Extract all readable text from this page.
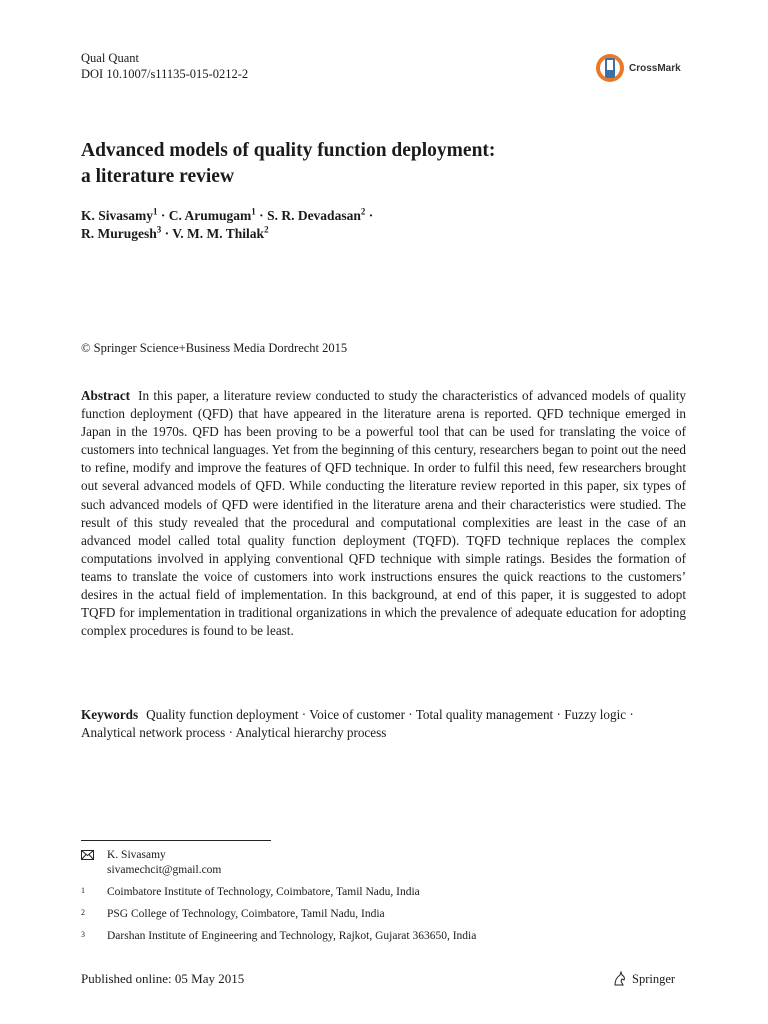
Qual Quant
DOI 10.1007/s11135-015-0212-2	CrossMark
Advanced models of quality function deployment:
a literature review
K. Sivasamy$^1$ · C. Arumugam$^1$ · S. R. Devadasan$^2$ ·
R. Murugesh$^3$ · V. M. M. Thilak$^2$
© Springer Science+Business Media Dordrecht 2015
Abstract In this paper, a literature review conducted to study the characteristics of advanced models of quality function deployment (QFD) that have appeared in the literature arena is reported. QFD technique emerged in Japan in the 1970s. QFD has been proving to be a powerful tool that can be used for translating the voice of customers into technical languages. Yet from the beginning of this century, researchers began to point out the need to refine, modify and improve the features of QFD technique. In order to fulfil this need, few researchers brought out several advanced models of QFD. While conducting the literature review reported in this paper, six types of such advanced models of QFD were identified in the literature arena and their characteristics were studied. The result of this study revealed that the procedural and computational complexities are least in the case of an advanced model called total quality function deployment (TQFD). TQFD technique replaces the complex computations involved in applying conventional QFD technique with simple ratings. Besides the formation of teams to translate the voice of customers into work instructions ensures the quick reactions to the customers’ desires in the actual field of implementation. In this background, at end of this paper, it is suggested to adopt TQFD for implementation in traditional organizations in which the prevalence of adequate education for adopting complex procedures is found to be least.
Keywords Quality function deployment · Voice of customer · Total quality management · Fuzzy logic · Analytical network process · Analytical hierarchy process
K. Sivasamy
sivamechcit@gmail.com
1	Coimbatore Institute of Technology, Coimbatore, Tamil Nadu, India
2	PSG College of Technology, Coimbatore, Tamil Nadu, India
3	Darshan Institute of Engineering and Technology, Rajkot, Gujarat 363650, India
Published online: 05 May 2015	Springer
